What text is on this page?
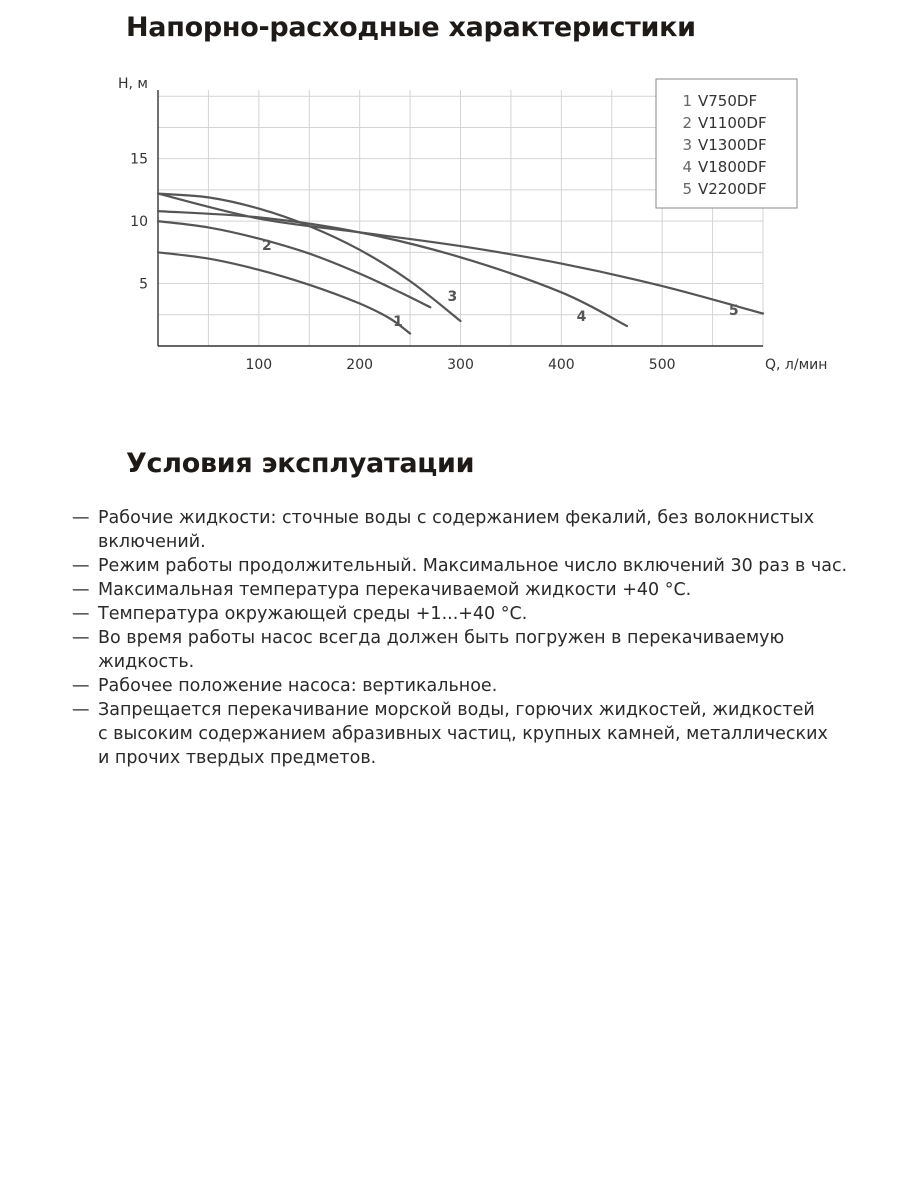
Напорно-расходные характеристики
100	200	300	400	500
5
10
15
H, м
Q, л/мин
1
2
3
4	5
1 V750DF
2 V1100DF
3 V1300DF
4 V1800DF
5 V2200DF
Условия эксплуатации
— Рабочие жидкости: сточные воды с содержанием фекалий, без волокнистых
включений.
— Режим работы продолжительный. Максимальное число включений 30 раз в час.
— Максимальная температура перекачиваемой жидкости +40 °С.
— Температура окружающей среды +1...+40 °С.
— Во время работы насос всегда должен быть погружен в перекачиваемую
жидкость.
— Рабочее положение насоса: вертикальное.
— Запрещается перекачивание морской воды, горючих жидкостей, жидкостей
с высоким содержанием абразивных частиц, крупных камней, металлических
и прочих твердых предметов.
